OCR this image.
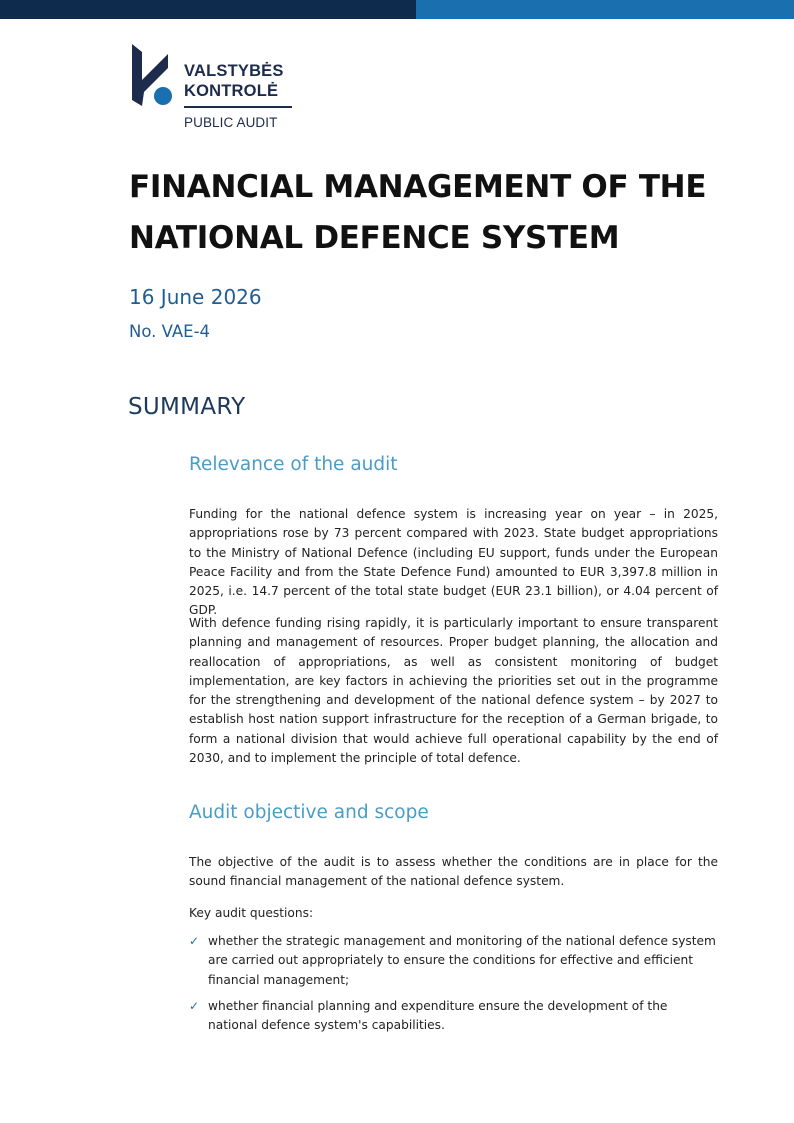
VALSTYBĖS
KONTROLĖ
PUBLIC AUDIT
FINANCIAL MANAGEMENT OF THE NATIONAL DEFENCE SYSTEM
16 June 2026
No. VAE-4
SUMMARY
Relevance of the audit

Funding for the national defence system is increasing year on year – in 2025, appropriations rose by 73 percent compared with 2023. State budget appropriations to the Ministry of National Defence (including EU support, funds under the European Peace Facility and from the State Defence Fund) amounted to EUR 3,397.8 million in 2025, i.e. 14.7 percent of the total state budget (EUR 23.1 billion), or 4.04 percent of GDP.

With defence funding rising rapidly, it is particularly important to ensure transparent planning and management of resources. Proper budget planning, the allocation and reallocation of appropriations, as well as consistent monitoring of budget implementation, are key factors in achieving the priorities set out in the programme for the strengthening and development of the national defence system – by 2027 to establish host nation support infrastructure for the reception of a German brigade, to form a national division that would achieve full operational capability by the end of 2030, and to implement the principle of total defence.

Audit objective and scope

The objective of the audit is to assess whether the conditions are in place for the sound financial management of the national defence system.

Key audit questions:

✓ whether the strategic management and monitoring of the national defence system are carried out appropriately to ensure the conditions for effective and efficient financial management;
✓ whether financial planning and expenditure ensure the development of the national defence system's capabilities.
